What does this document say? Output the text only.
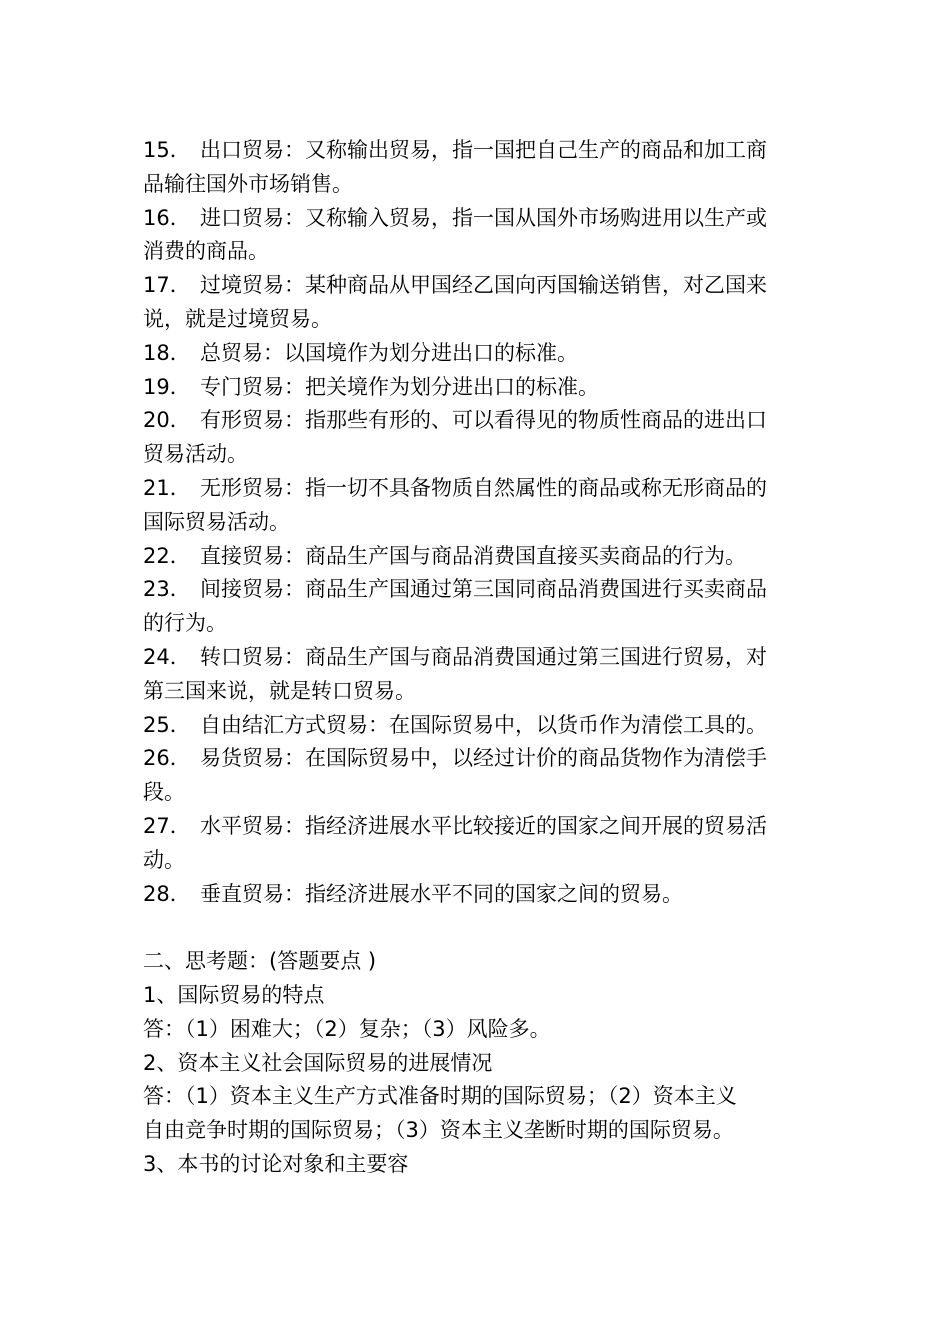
15． 出口贸易：又称输出贸易，指一国把自己生产的商品和加工商
品输往国外市场销售。
16． 进口贸易：又称输入贸易，指一国从国外市场购进用以生产或
消费的商品。
17． 过境贸易：某种商品从甲国经乙国向丙国输送销售，对乙国来
说，就是过境贸易。
18． 总贸易：以国境作为划分进出口的标准。
19． 专门贸易：把关境作为划分进出口的标准。
20． 有形贸易：指那些有形的、可以看得见的物质性商品的进出口
贸易活动。
21． 无形贸易：指一切不具备物质自然属性的商品或称无形商品的
国际贸易活动。
22． 直接贸易：商品生产国与商品消费国直接买卖商品的行为。
23． 间接贸易：商品生产国通过第三国同商品消费国进行买卖商品
的行为。
24． 转口贸易：商品生产国与商品消费国通过第三国进行贸易，对
第三国来说，就是转口贸易。
25． 自由结汇方式贸易：在国际贸易中，以货币作为清偿工具的。
26． 易货贸易：在国际贸易中，以经过计价的商品货物作为清偿手
段。
27． 水平贸易：指经济进展水平比较接近的国家之间开展的贸易活
动。
28． 垂直贸易：指经济进展水平不同的国家之间的贸易。
二、思考题：(答题要点 )
1、国际贸易的特点
答：（1）困难大；（2）复杂；（3）风险多。
2、资本主义社会国际贸易的进展情况
答：（1）资本主义生产方式准备时期的国际贸易；（2）资本主义
自由竞争时期的国际贸易；（3）资本主义垄断时期的国际贸易。
3、本书的讨论对象和主要容
